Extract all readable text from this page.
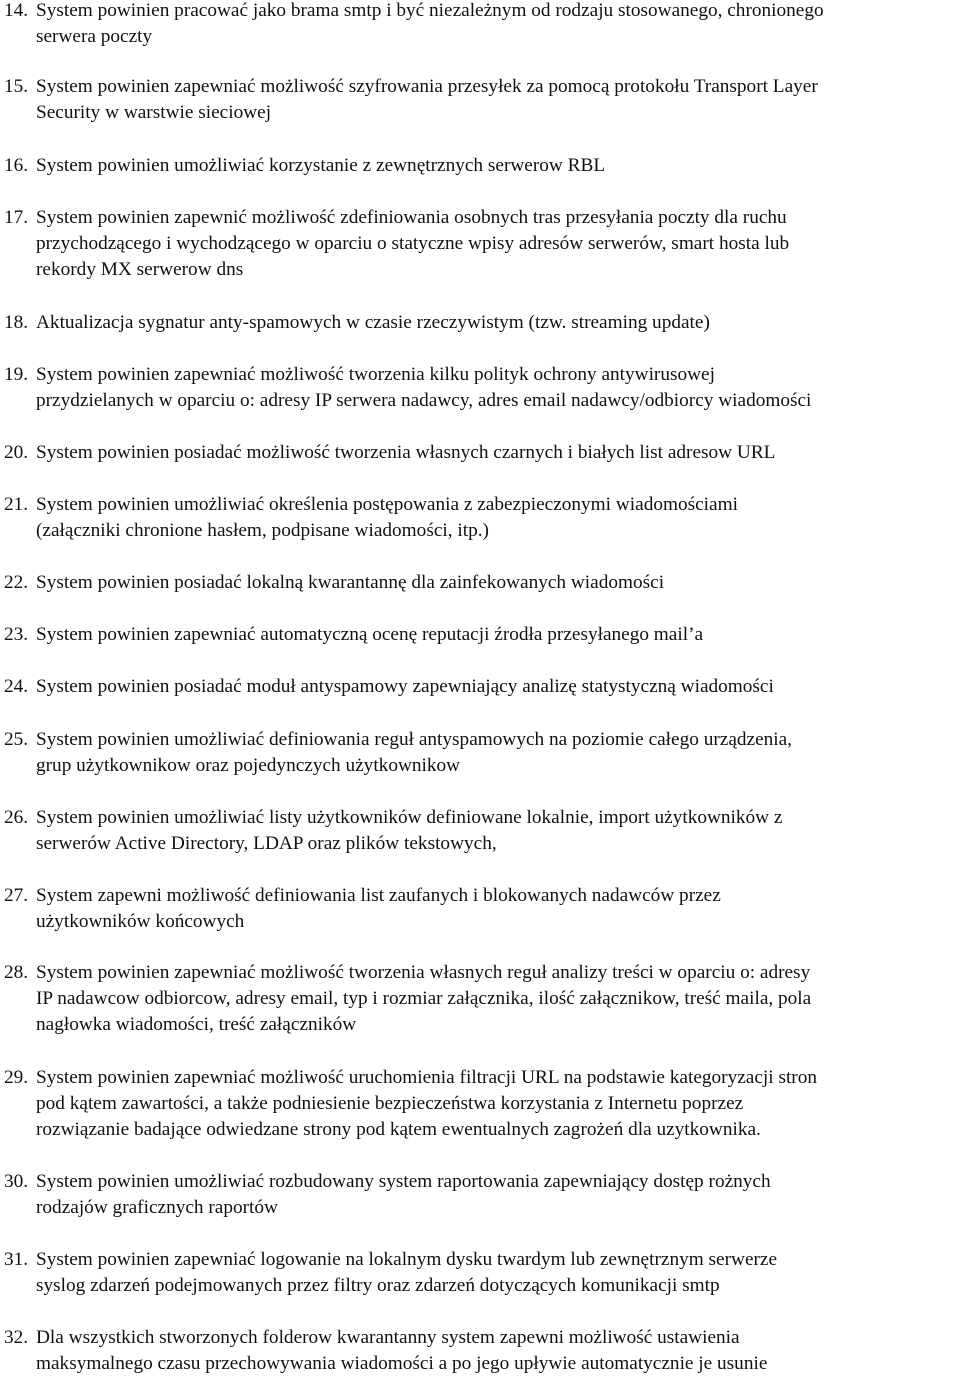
14. System powinien pracować jako brama smtp i być niezależnym od rodzaju stosowanego, chronionego
serwera poczty
15. System powinien zapewniać możliwość szyfrowania przesyłek za pomocą protokołu Transport Layer
Security w warstwie sieciowej
16. System powinien umożliwiać korzystanie z zewnętrznych serwerow RBL
17. System powinien zapewnić możliwość zdefiniowania osobnych tras przesyłania poczty dla ruchu
przychodzącego i wychodzącego w oparciu o statyczne wpisy adresów serwerów, smart hosta lub
rekordy MX serwerow dns
18. Aktualizacja sygnatur anty-spamowych w czasie rzeczywistym (tzw. streaming update)
19. System powinien zapewniać możliwość tworzenia kilku polityk ochrony antywirusowej
przydzielanych w oparciu o: adresy IP serwera nadawcy, adres email nadawcy/odbiorcy wiadomości
20. System powinien posiadać możliwość tworzenia własnych czarnych i białych list adresow URL
21. System powinien umożliwiać określenia postępowania z zabezpieczonymi wiadomościami
(załączniki chronione hasłem, podpisane wiadomości, itp.)
22. System powinien posiadać lokalną kwarantannę dla zainfekowanych wiadomości
23. System powinien zapewniać automatyczną ocenę reputacji źrodła przesyłanego mail’a
24. System powinien posiadać moduł antyspamowy zapewniający analizę statystyczną wiadomości
25. System powinien umożliwiać definiowania reguł antyspamowych na poziomie całego urządzenia,
grup użytkownikow oraz pojedynczych użytkownikow
26. System powinien umożliwiać listy użytkowników definiowane lokalnie, import użytkowników z
serwerów Active Directory, LDAP oraz plików tekstowych,
27. System zapewni możliwość definiowania list zaufanych i blokowanych nadawców przez
użytkowników końcowych
28. System powinien zapewniać możliwość tworzenia własnych reguł analizy treści w oparciu o: adresy
IP nadawcow odbiorcow, adresy email, typ i rozmiar załącznika, ilość załącznikow, treść maila, pola
nagłowka wiadomości, treść załączników
29. System powinien zapewniać możliwość uruchomienia filtracji URL na podstawie kategoryzacji stron
pod kątem zawartości, a także podniesienie bezpieczeństwa korzystania z Internetu poprzez
rozwiązanie badające odwiedzane strony pod kątem ewentualnych zagrożeń dla uzytkownika.
30. System powinien umożliwiać rozbudowany system raportowania zapewniający dostęp rożnych
rodzajów graficznych raportów
31. System powinien zapewniać logowanie na lokalnym dysku twardym lub zewnętrznym serwerze
syslog zdarzeń podejmowanych przez filtry oraz zdarzeń dotyczących komunikacji smtp
32. Dla wszystkich stworzonych folderow kwarantanny system zapewni możliwość ustawienia
maksymalnego czasu przechowywania wiadomości a po jego upływie automatycznie je usunie
